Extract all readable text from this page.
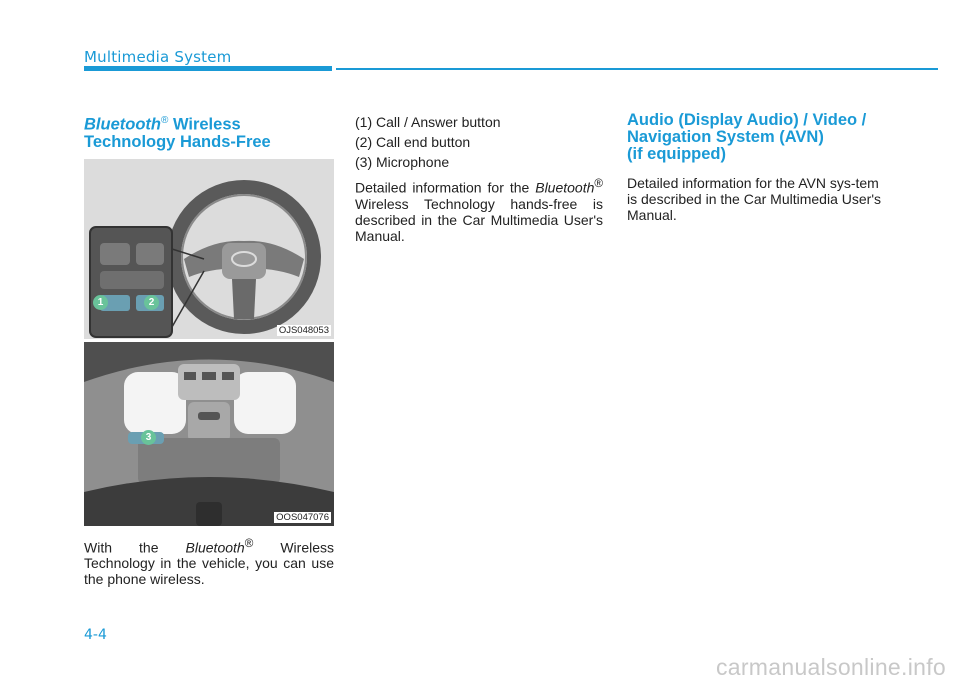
Multimedia System
Bluetooth® Wireless
Technology Hands-Free
1	2
OJS048053
3
OOS047076

With the Bluetooth® Wireless Technology in the vehicle, you can use the phone wireless.

(1) Call / Answer button

(2) Call end button

(3) Microphone

Detailed information for the Bluetooth® Wireless Technology hands-free is described in the Car Multimedia User's Manual.

Audio (Display Audio) / Video /
Navigation System (AVN)
(if equipped)

Detailed information for the AVN sys-tem is described in the Car Multimedia User's Manual.

4-4
carmanualsonline.info
